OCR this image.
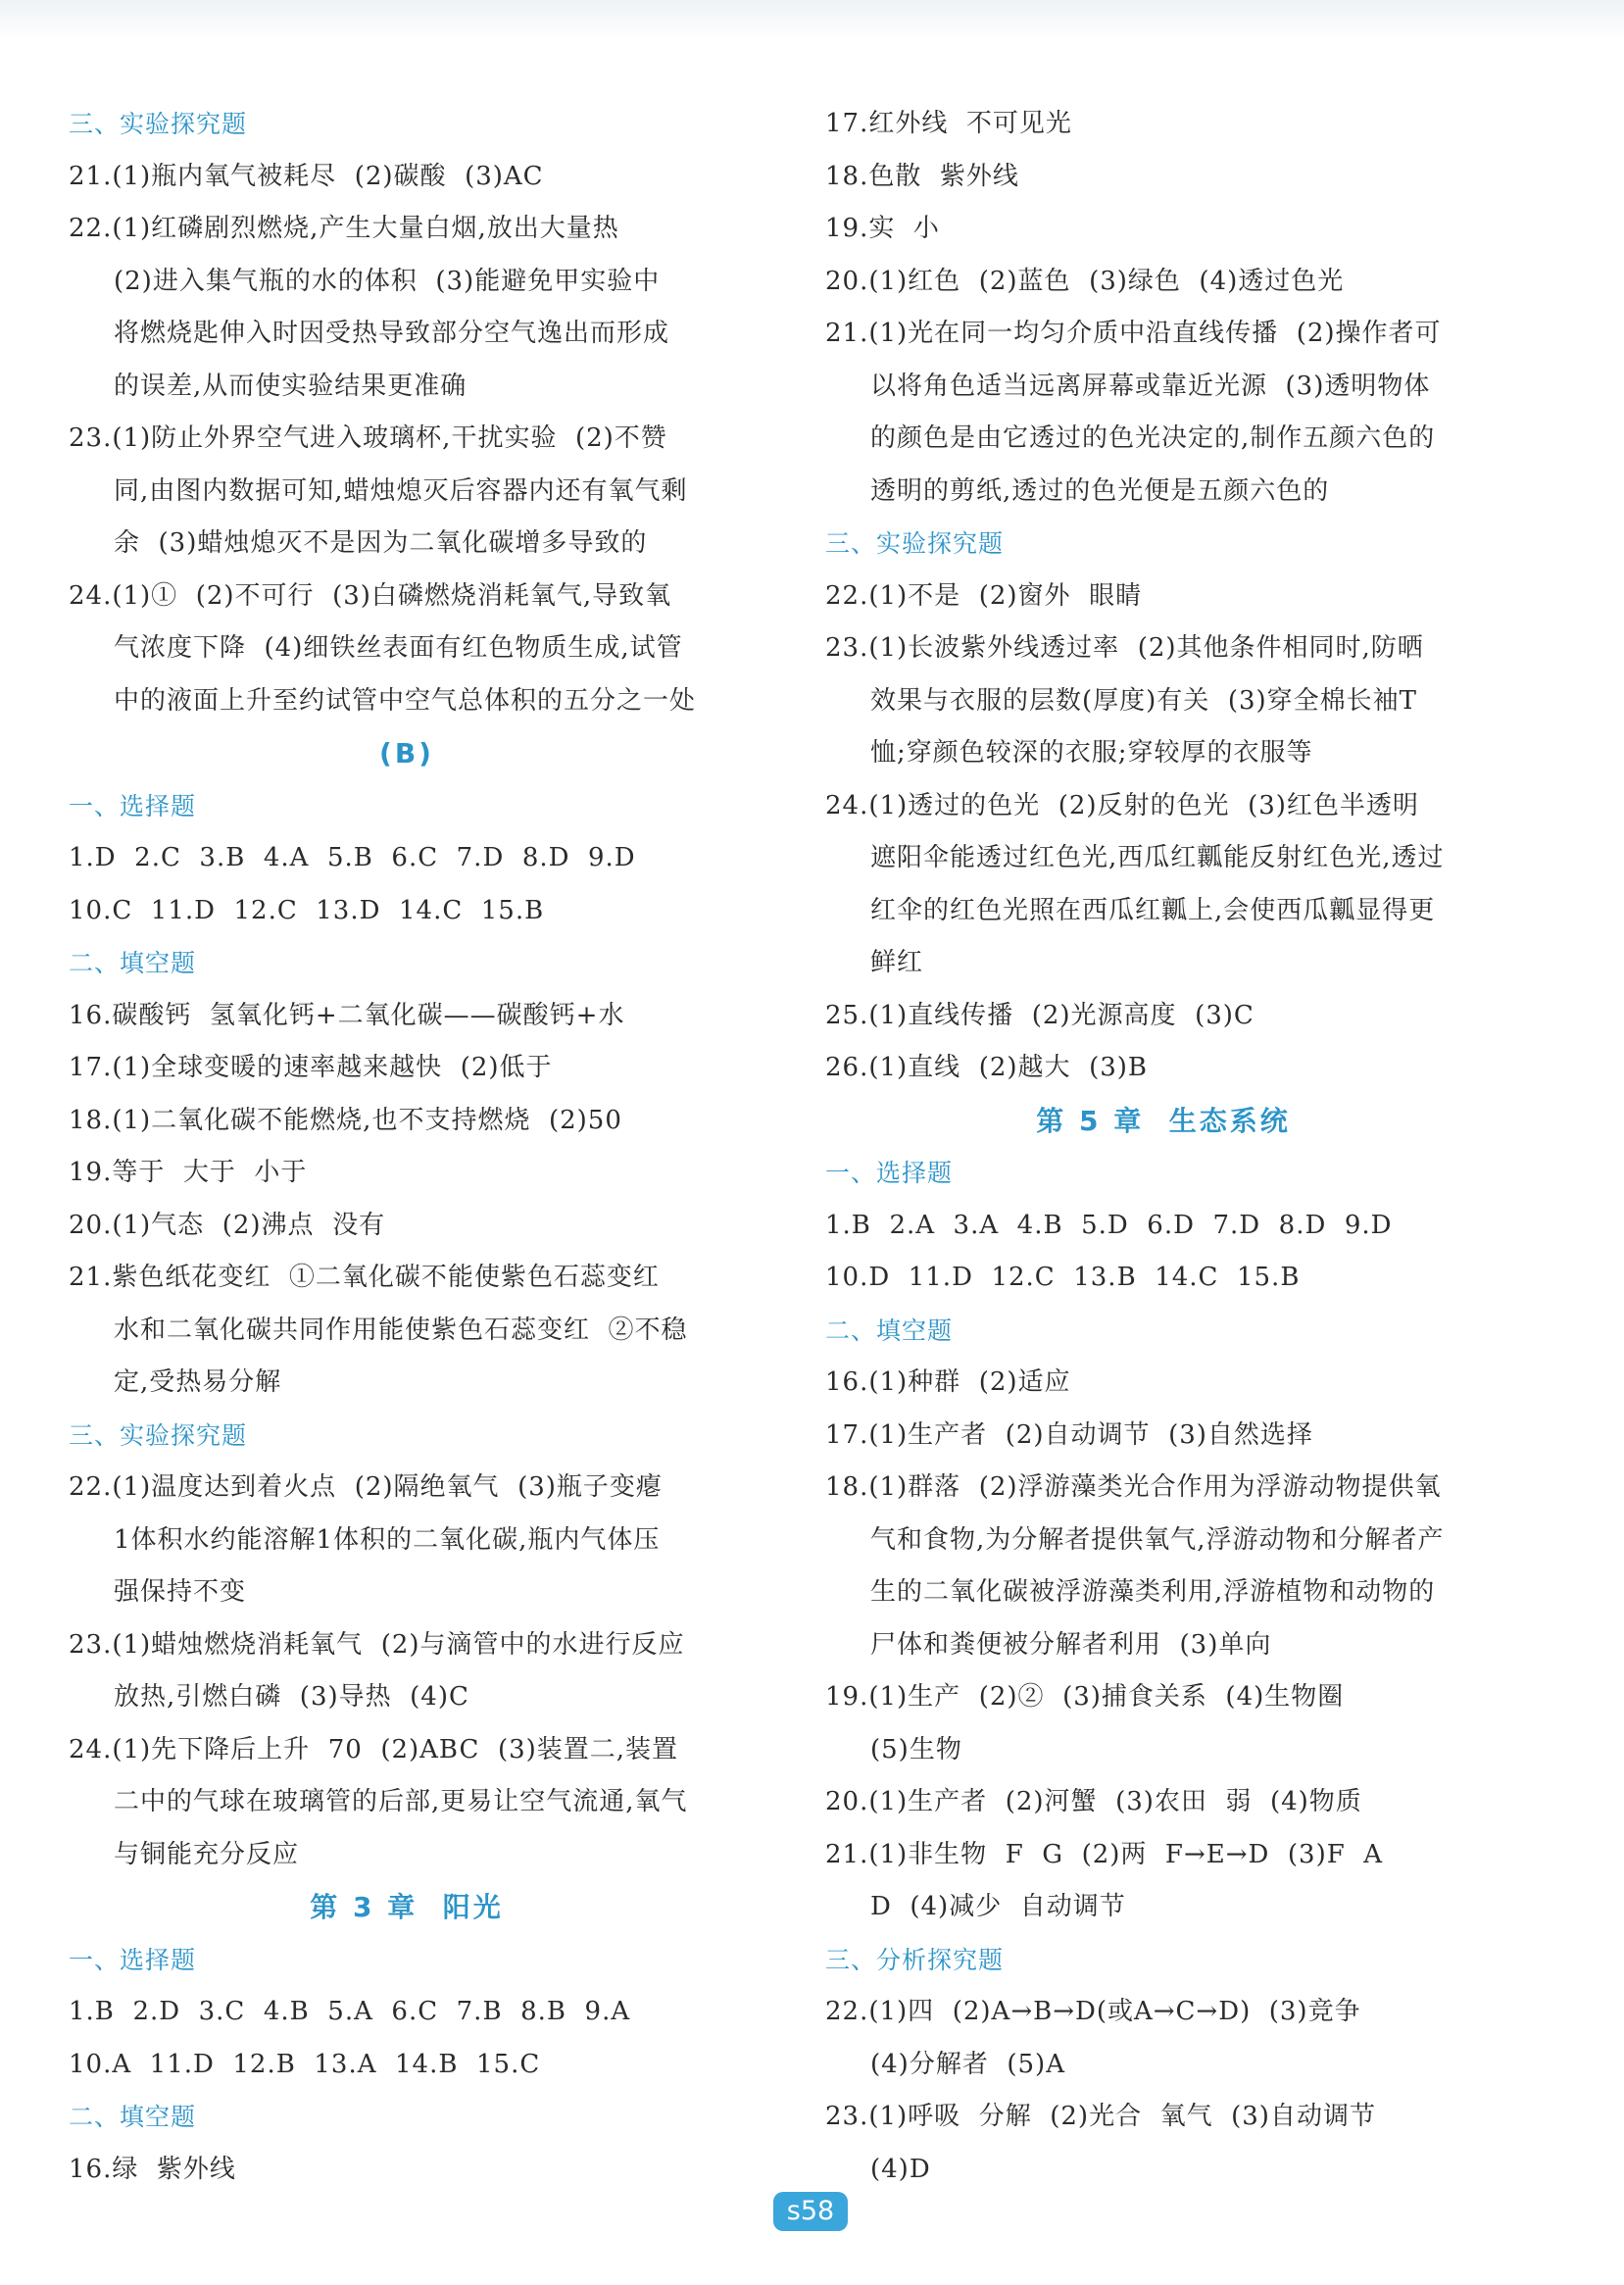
三、实验探究题
21.(1)瓶内氧气被耗尽  (2)碳酸  (3)AC
22.(1)红磷剧烈燃烧,产生大量白烟,放出大量热
(2)进入集气瓶的水的体积  (3)能避免甲实验中
将燃烧匙伸入时因受热导致部分空气逸出而形成
的误差,从而使实验结果更准确
23.(1)防止外界空气进入玻璃杯,干扰实验  (2)不赞
同,由图内数据可知,蜡烛熄灭后容器内还有氧气剩
余  (3)蜡烛熄灭不是因为二氧化碳增多导致的
24.(1)①  (2)不可行  (3)白磷燃烧消耗氧气,导致氧
气浓度下降  (4)细铁丝表面有红色物质生成,试管
中的液面上升至约试管中空气总体积的五分之一处
(B)
一、选择题
1.D  2.C  3.B  4.A  5.B  6.C  7.D  8.D  9.D
10.C  11.D  12.C  13.D  14.C  15.B
二、填空题
16.碳酸钙  氢氧化钙+二氧化碳——碳酸钙+水
17.(1)全球变暖的速率越来越快  (2)低于
18.(1)二氧化碳不能燃烧,也不支持燃烧  (2)50
19.等于  大于  小于
20.(1)气态  (2)沸点  没有
21.紫色纸花变红  ①二氧化碳不能使紫色石蕊变红
水和二氧化碳共同作用能使紫色石蕊变红  ②不稳
定,受热易分解
三、实验探究题
22.(1)温度达到着火点  (2)隔绝氧气  (3)瓶子变瘪
1体积水约能溶解1体积的二氧化碳,瓶内气体压
强保持不变
23.(1)蜡烛燃烧消耗氧气  (2)与滴管中的水进行反应
放热,引燃白磷  (3)导热  (4)C
24.(1)先下降后上升  70  (2)ABC  (3)装置二,装置
二中的气球在玻璃管的后部,更易让空气流通,氧气
与铜能充分反应
第 3 章  阳光
一、选择题
1.B  2.D  3.C  4.B  5.A  6.C  7.B  8.B  9.A
10.A  11.D  12.B  13.A  14.B  15.C
二、填空题
16.绿  紫外线
17.红外线  不可见光
18.色散  紫外线
19.实  小
20.(1)红色  (2)蓝色  (3)绿色  (4)透过色光
21.(1)光在同一均匀介质中沿直线传播  (2)操作者可
以将角色适当远离屏幕或靠近光源  (3)透明物体
的颜色是由它透过的色光决定的,制作五颜六色的
透明的剪纸,透过的色光便是五颜六色的
三、实验探究题
22.(1)不是  (2)窗外  眼睛
23.(1)长波紫外线透过率  (2)其他条件相同时,防晒
效果与衣服的层数(厚度)有关  (3)穿全棉长袖T
恤;穿颜色较深的衣服;穿较厚的衣服等
24.(1)透过的色光  (2)反射的色光  (3)红色半透明
遮阳伞能透过红色光,西瓜红瓤能反射红色光,透过
红伞的红色光照在西瓜红瓤上,会使西瓜瓤显得更
鲜红
25.(1)直线传播  (2)光源高度  (3)C
26.(1)直线  (2)越大  (3)B
第 5 章  生态系统
一、选择题
1.B  2.A  3.A  4.B  5.D  6.D  7.D  8.D  9.D
10.D  11.D  12.C  13.B  14.C  15.B
二、填空题
16.(1)种群  (2)适应
17.(1)生产者  (2)自动调节  (3)自然选择
18.(1)群落  (2)浮游藻类光合作用为浮游动物提供氧
气和食物,为分解者提供氧气,浮游动物和分解者产
生的二氧化碳被浮游藻类利用,浮游植物和动物的
尸体和粪便被分解者利用  (3)单向
19.(1)生产  (2)②  (3)捕食关系  (4)生物圈
(5)生物
20.(1)生产者  (2)河蟹  (3)农田  弱  (4)物质
21.(1)非生物  F  G  (2)两  F→E→D  (3)F  A
D  (4)减少  自动调节
三、分析探究题
22.(1)四  (2)A→B→D(或A→C→D)  (3)竞争
(4)分解者  (5)A
23.(1)呼吸  分解  (2)光合  氧气  (3)自动调节
(4)D
s58
